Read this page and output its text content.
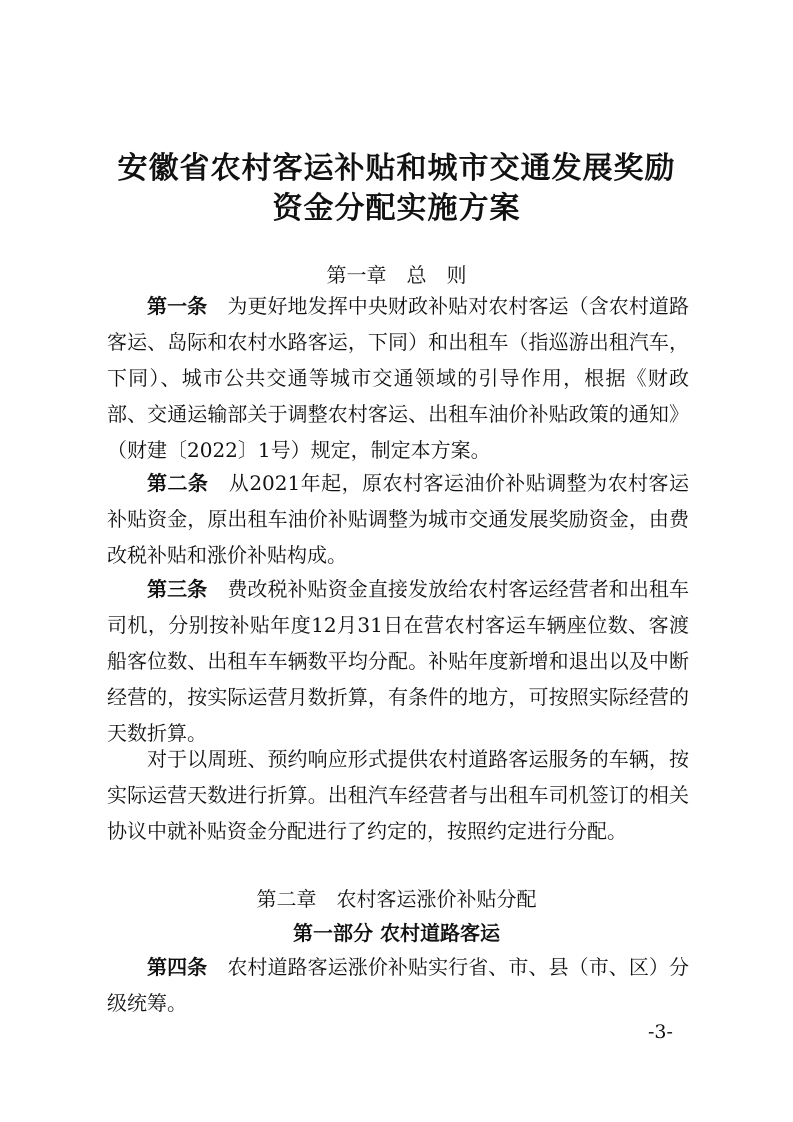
安徽省农村客运补贴和城市交通发展奖励
资金分配实施方案
第一章　总　则

第一条　 为更好地发挥中央财政补贴对农村客运（含农村道路客运、岛际和农村水路客运，下同）和出租车（指巡游出租汽车，下同）、城市公共交通等城市交通领域的引导作用，根据《财政部、交通运输部关于调整农村客运、出租车油价补贴政策的通知》（财建〔2022〕1号）规定，制定本方案。

第二条　 从2021年起，原农村客运油价补贴调整为农村客运补贴资金，原出租车油价补贴调整为城市交通发展奖励资金，由费改税补贴和涨价补贴构成。

第三条　 费改税补贴资金直接发放给农村客运经营者和出租车司机，分别按补贴年度12月31日在营农村客运车辆座位数、客渡船客位数、出租车车辆数平均分配。补贴年度新增和退出以及中断经营的，按实际运营月数折算，有条件的地方，可按照实际经营的天数折算。

对于以周班、预约响应形式提供农村道路客运服务的车辆，按实际运营天数进行折算。出租汽车经营者与出租车司机签订的相关协议中就补贴资金分配进行了约定的，按照约定进行分配。

第二章　农村客运涨价补贴分配
第一部分 农村道路客运

第四条　 农村道路客运涨价补贴实行省、市、县（市、区）分级统筹。

-3-
